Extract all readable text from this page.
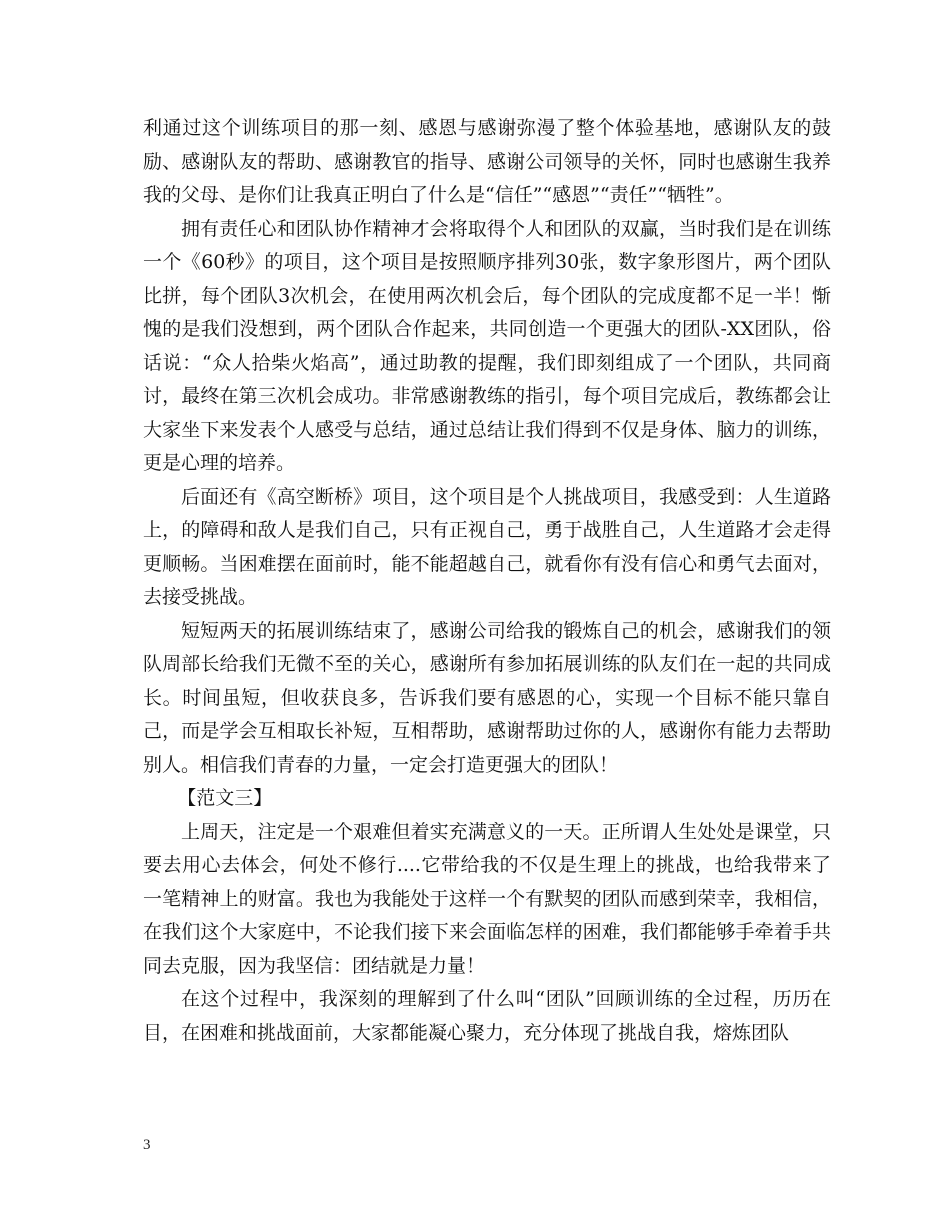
利通过这个训练项目的那一刻、感恩与感谢弥漫了整个体验基地，感谢队友的鼓励、感谢队友的帮助、感谢教官的指导、感谢公司领导的关怀，同时也感谢生我养我的父母、是你们让我真正明白了什么是“信任”“感恩”“责任”“牺牲”。

拥有责任心和团队协作精神才会将取得个人和团队的双赢，当时我们是在训练一个《60秒》的项目，这个项目是按照顺序排列30张，数字象形图片，两个团队比拼，每个团队3次机会，在使用两次机会后，每个团队的完成度都不足一半！惭愧的是我们没想到，两个团队合作起来，共同创造一个更强大的团队-XX团队，俗话说：“众人拾柴火焰高”，通过助教的提醒，我们即刻组成了一个团队，共同商讨，最终在第三次机会成功。非常感谢教练的指引，每个项目完成后，教练都会让大家坐下来发表个人感受与总结，通过总结让我们得到不仅是身体、脑力的训练，更是心理的培养。

后面还有《高空断桥》项目，这个项目是个人挑战项目，我感受到：人生道路上，的障碍和敌人是我们自己，只有正视自己，勇于战胜自己，人生道路才会走得更顺畅。当困难摆在面前时，能不能超越自己，就看你有没有信心和勇气去面对，去接受挑战。

短短两天的拓展训练结束了，感谢公司给我的锻炼自己的机会，感谢我们的领队周部长给我们无微不至的关心，感谢所有参加拓展训练的队友们在一起的共同成长。时间虽短，但收获良多，告诉我们要有感恩的心，实现一个目标不能只靠自己，而是学会互相取长补短，互相帮助，感谢帮助过你的人，感谢你有能力去帮助别人。相信我们青春的力量，一定会打造更强大的团队！

【范文三】

上周天，注定是一个艰难但着实充满意义的一天。正所谓人生处处是课堂，只要去用心去体会，何处不修行....它带给我的不仅是生理上的挑战，也给我带来了一笔精神上的财富。我也为我能处于这样一个有默契的团队而感到荣幸，我相信，在我们这个大家庭中，不论我们接下来会面临怎样的困难，我们都能够手牵着手共同去克服，因为我坚信：团结就是力量！

在这个过程中，我深刻的理解到了什么叫“团队”回顾训练的全过程，历历在目，在困难和挑战面前，大家都能凝心聚力，充分体现了挑战自我，熔炼团队

3
